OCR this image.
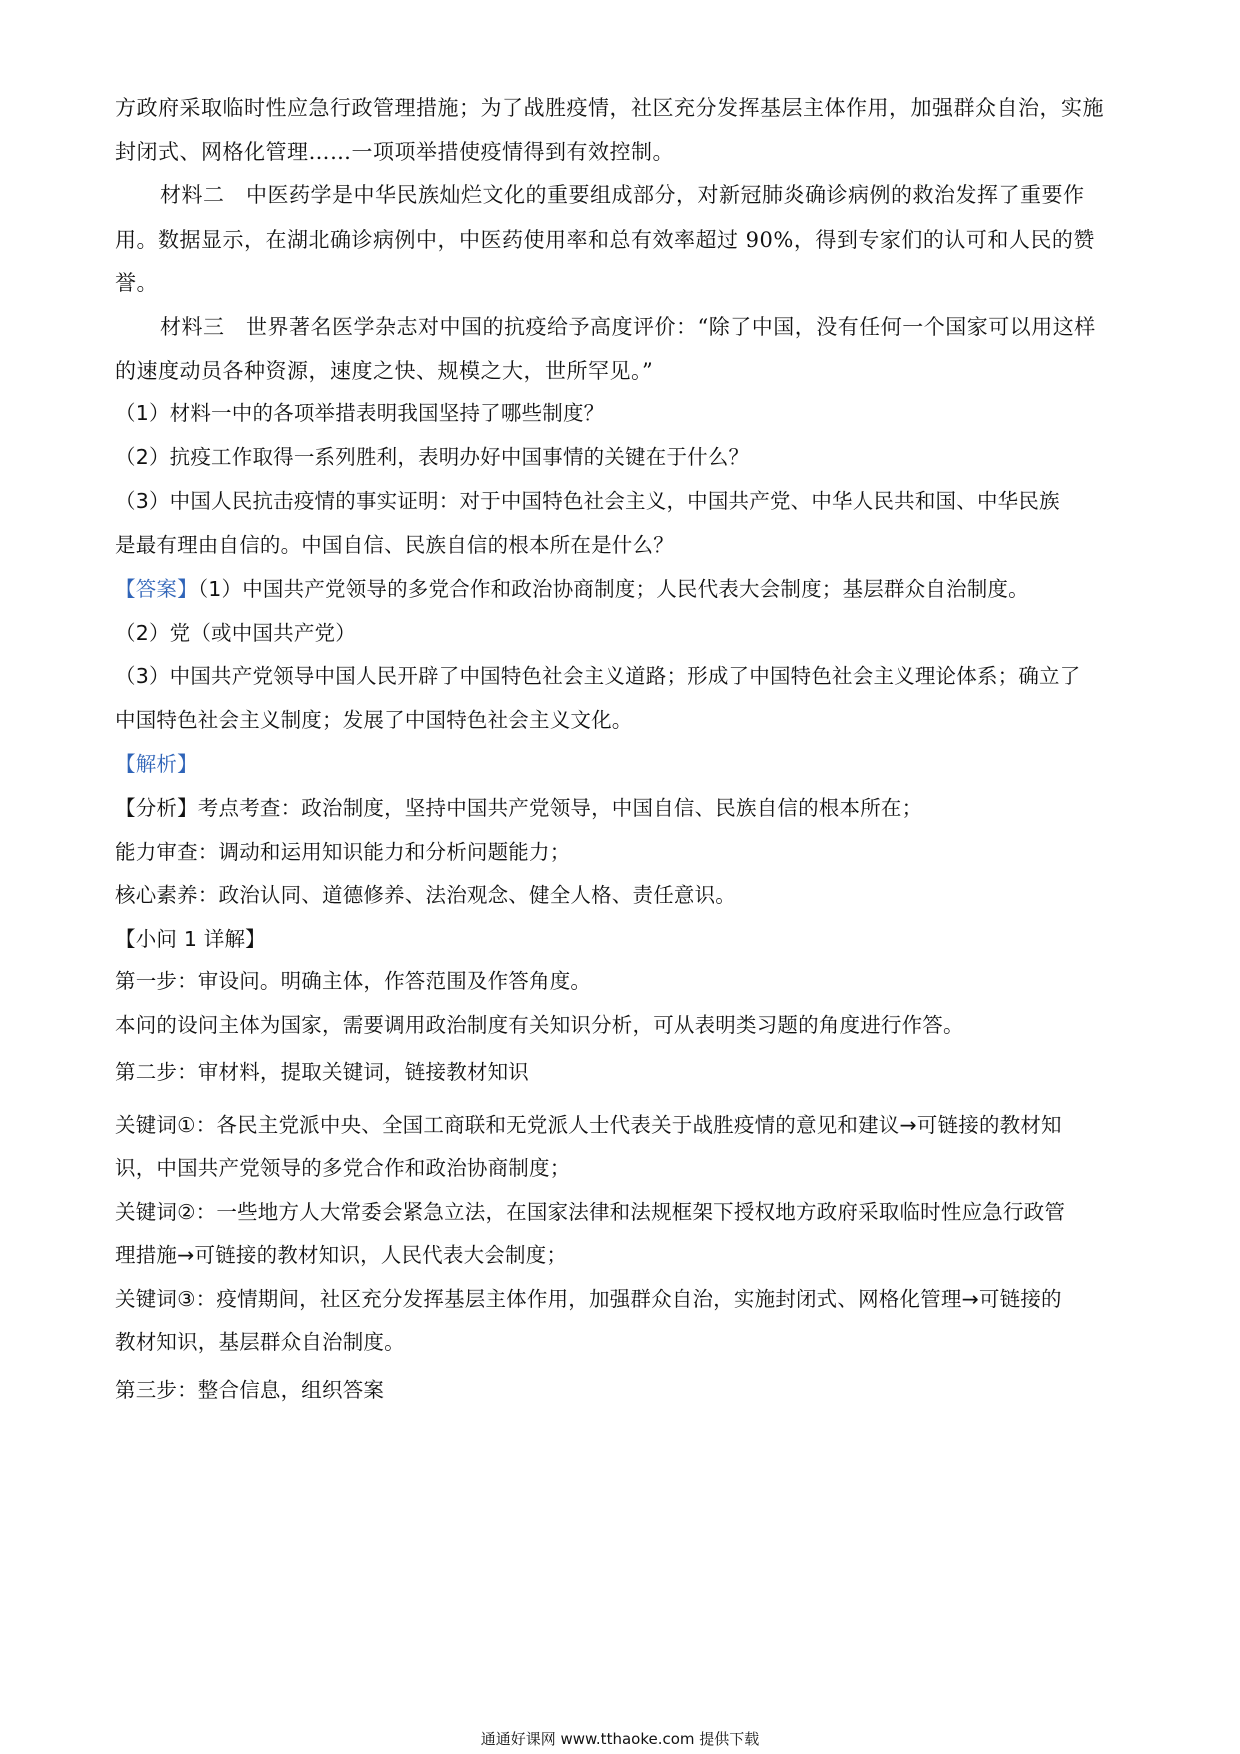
方政府采取临时性应急行政管理措施；为了战胜疫情，社区充分发挥基层主体作用，加强群众自治，实施
封闭式、网格化管理……一项项举措使疫情得到有效控制。
材料二　中医药学是中华民族灿烂文化的重要组成部分，对新冠肺炎确诊病例的救治发挥了重要作
用。数据显示，在湖北确诊病例中，中医药使用率和总有效率超过 90%，得到专家们的认可和人民的赞
誉。
材料三　世界著名医学杂志对中国的抗疫给予高度评价：“除了中国，没有任何一个国家可以用这样
的速度动员各种资源，速度之快、规模之大，世所罕见。”
（1）材料一中的各项举措表明我国坚持了哪些制度？
（2）抗疫工作取得一系列胜利，表明办好中国事情的关键在于什么？
（3）中国人民抗击疫情的事实证明：对于中国特色社会主义，中国共产党、中华人民共和国、中华民族
是最有理由自信的。中国自信、民族自信的根本所在是什么？
【答案】（1）中国共产党领导的多党合作和政治协商制度；人民代表大会制度；基层群众自治制度。
（2）党（或中国共产党）
（3）中国共产党领导中国人民开辟了中国特色社会主义道路；形成了中国特色社会主义理论体系；确立了
中国特色社会主义制度；发展了中国特色社会主义文化。
【解析】
【分析】考点考查：政治制度，坚持中国共产党领导，中国自信、民族自信的根本所在；
能力审查：调动和运用知识能力和分析问题能力；
核心素养：政治认同、道德修养、法治观念、健全人格、责任意识。
【小问 1 详解】
第一步：审设问。明确主体，作答范围及作答角度。
本问的设问主体为国家，需要调用政治制度有关知识分析，可从表明类习题的角度进行作答。
第二步：审材料，提取关键词，链接教材知识
关键词①：各民主党派中央、全国工商联和无党派人士代表关于战胜疫情的意见和建议→可链接的教材知
识，中国共产党领导的多党合作和政治协商制度；
关键词②：一些地方人大常委会紧急立法，在国家法律和法规框架下授权地方政府采取临时性应急行政管
理措施→可链接的教材知识，人民代表大会制度；
关键词③：疫情期间，社区充分发挥基层主体作用，加强群众自治，实施封闭式、网格化管理→可链接的
教材知识，基层群众自治制度。
第三步：整合信息，组织答案
通通好课网 www.tthaoke.com 提供下载
